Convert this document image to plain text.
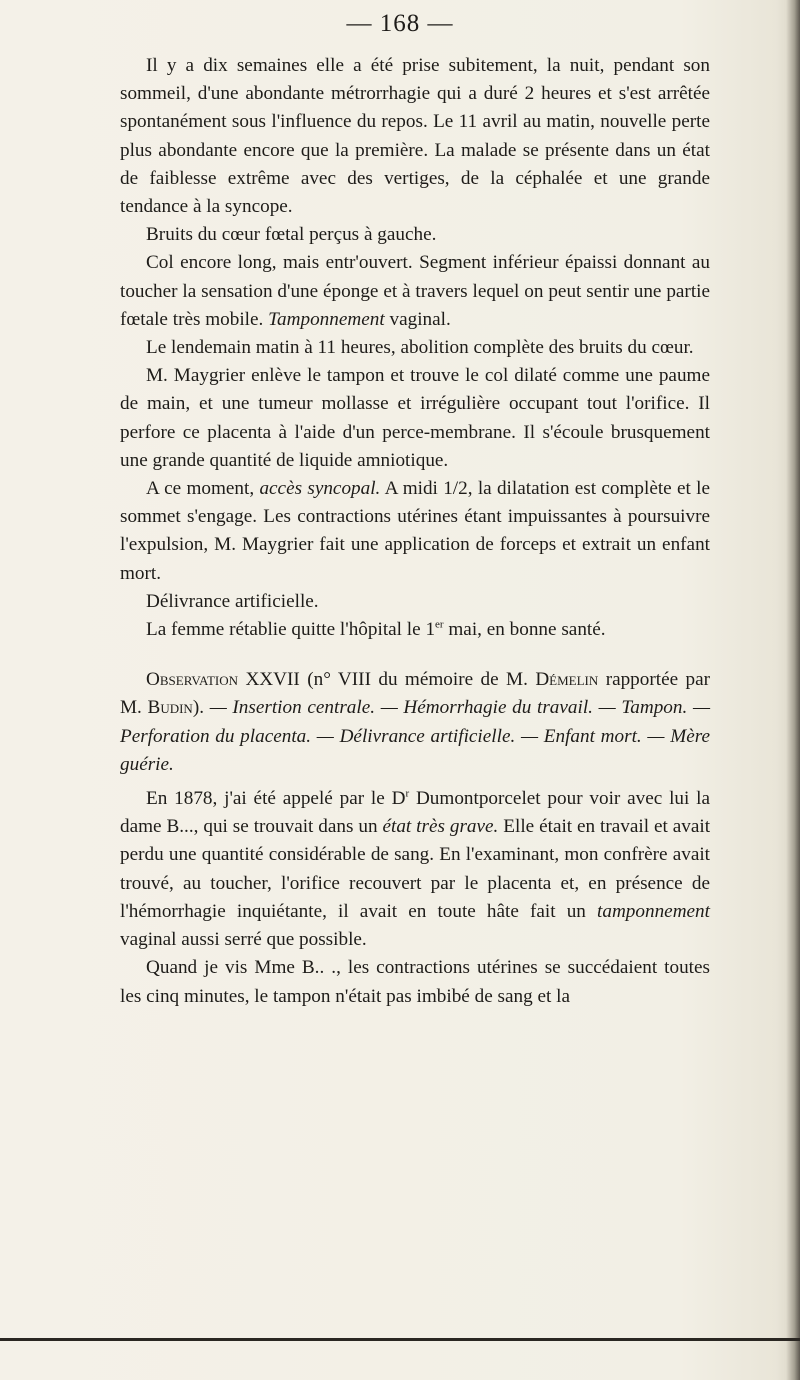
— 168 —

Il y a dix semaines elle a été prise subitement, la nuit, pendant son sommeil, d'une abondante métrorrhagie qui a duré 2 heures et s'est arrêtée spontanément sous l'influence du repos. Le 11 avril au matin, nouvelle perte plus abondante encore que la première. La malade se présente dans un état de faiblesse extrême avec des vertiges, de la céphalée et une grande tendance à la syncope.

Bruits du cœur fœtal perçus à gauche.

Col encore long, mais entr'ouvert. Segment inférieur épaissi donnant au toucher la sensation d'une éponge et à travers lequel on peut sentir une partie fœtale très mobile. Tamponnement vaginal.

Le lendemain matin à 11 heures, abolition complète des bruits du cœur.

M. Maygrier enlève le tampon et trouve le col dilaté comme une paume de main, et une tumeur mollasse et irrégulière occupant tout l'orifice. Il perfore ce placenta à l'aide d'un perce-membrane. Il s'écoule brusquement une grande quantité de liquide amniotique.

A ce moment, accès syncopal. A midi 1/2, la dilatation est complète et le sommet s'engage. Les contractions utérines étant impuissantes à poursuivre l'expulsion, M. Maygrier fait une application de forceps et extrait un enfant mort.

Délivrance artificielle.

La femme rétablie quitte l'hôpital le 1er mai, en bonne santé.

Observation XXVII (n° VIII du mémoire de M. Démelin rapportée par M. Budin). — Insertion centrale. — Hémorrhagie du travail. — Tampon. — Perforation du placenta. — Délivrance artificielle. — Enfant mort. — Mère guérie.

En 1878, j'ai été appelé par le $D^r$ Dumontporcelet pour voir avec lui la dame B..., qui se trouvait dans un état très grave. Elle était en travail et avait perdu une quantité considérable de sang. En l'examinant, mon confrère avait trouvé, au toucher, l'orifice recouvert par le placenta et, en présence de l'hémorrhagie inquiétante, il avait en toute hâte fait un tamponnement vaginal aussi serré que possible.

Quand je vis Mme B.. ., les contractions utérines se succédaient toutes les cinq minutes, le tampon n'était pas imbibé de sang et la
